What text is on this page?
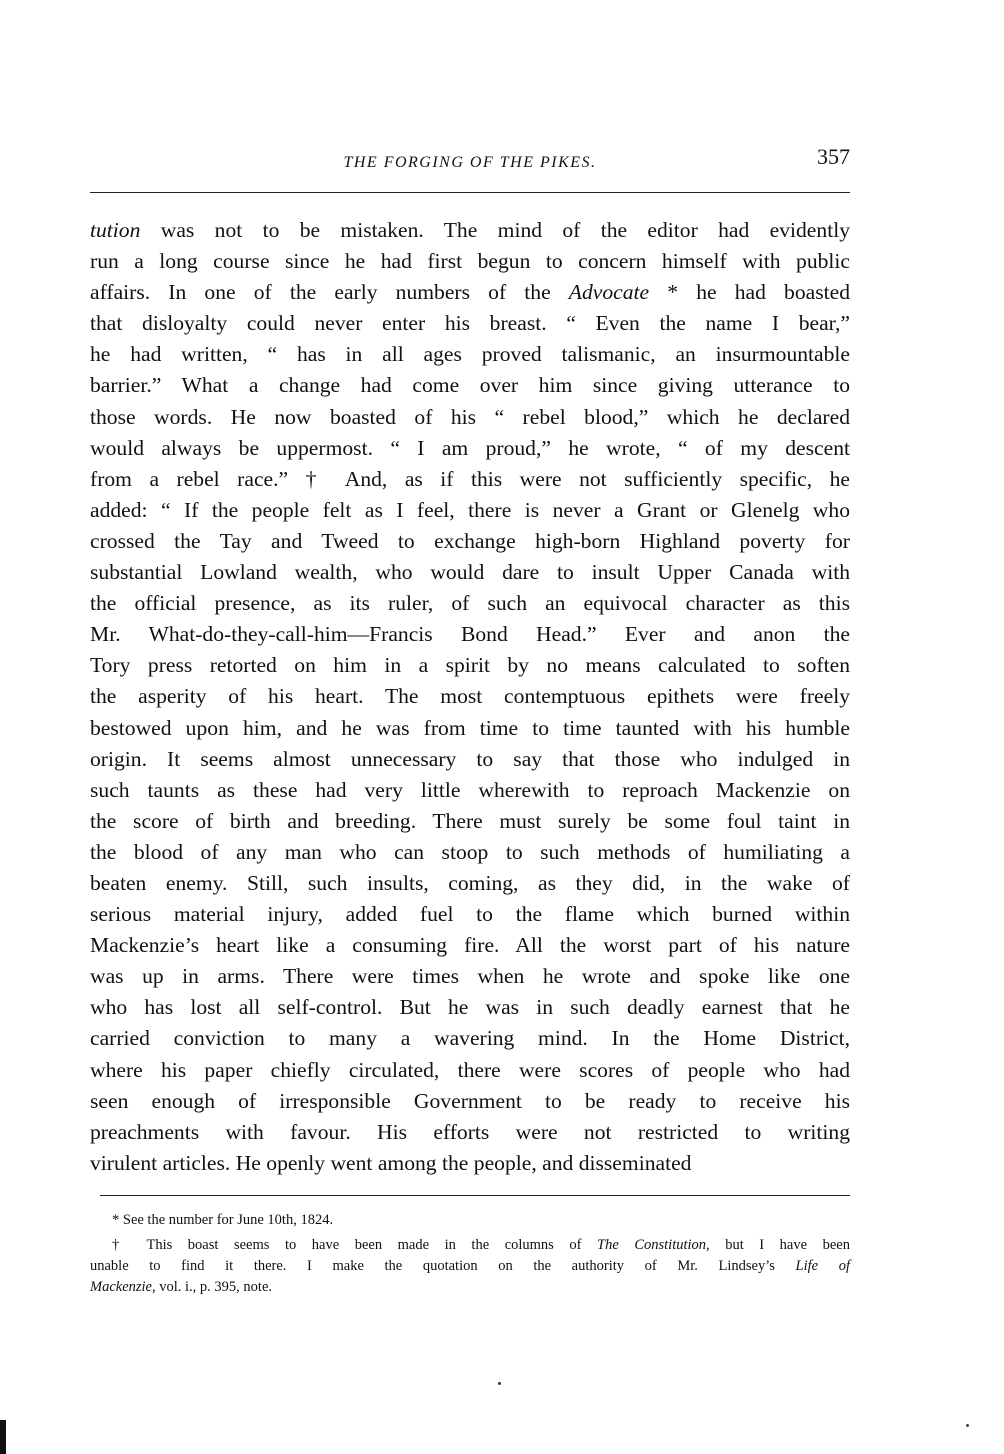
THE FORGING OF THE PIKES.	357
tution was not to be mistaken. The mind of the editor had evidently
run a long course since he had first begun to concern himself with public
affairs. In one of the early numbers of the Advocate * he had boasted
that disloyalty could never enter his breast. “ Even the name I bear,”
he had written, “ has in all ages proved talismanic, an insurmountable
barrier.” What a change had come over him since giving utterance to
those words. He now boasted of his “ rebel blood,” which he declared
would always be uppermost. “ I am proud,” he wrote, “ of my descent
from a rebel race.” † And, as if this were not sufficiently specific, he
added: “ If the people felt as I feel, there is never a Grant or Glenelg who
crossed the Tay and Tweed to exchange high-born Highland poverty for
substantial Lowland wealth, who would dare to insult Upper Canada with
the official presence, as its ruler, of such an equivocal character as this
Mr. What-do-they-call-him—Francis Bond Head.” Ever and anon the
Tory press retorted on him in a spirit by no means calculated to soften
the asperity of his heart. The most contemptuous epithets were freely
bestowed upon him, and he was from time to time taunted with his humble
origin. It seems almost unnecessary to say that those who indulged in
such taunts as these had very little wherewith to reproach Mackenzie on
the score of birth and breeding. There must surely be some foul taint in
the blood of any man who can stoop to such methods of humiliating a
beaten enemy. Still, such insults, coming, as they did, in the wake of
serious material injury, added fuel to the flame which burned within
Mackenzie’s heart like a consuming fire. All the worst part of his nature
was up in arms. There were times when he wrote and spoke like one
who has lost all self-control. But he was in such deadly earnest that he
carried conviction to many a wavering mind. In the Home District,
where his paper chiefly circulated, there were scores of people who had
seen enough of irresponsible Government to be ready to receive his
preachments with favour. His efforts were not restricted to writing
virulent articles. He openly went among the people, and disseminated
* See the number for June 10th, 1824.
† This boast seems to have been made in the columns of The Constitution, but I have been
unable to find it there. I make the quotation on the authority of Mr. Lindsey’s Life of
Mackenzie, vol. i., p. 395, note.
